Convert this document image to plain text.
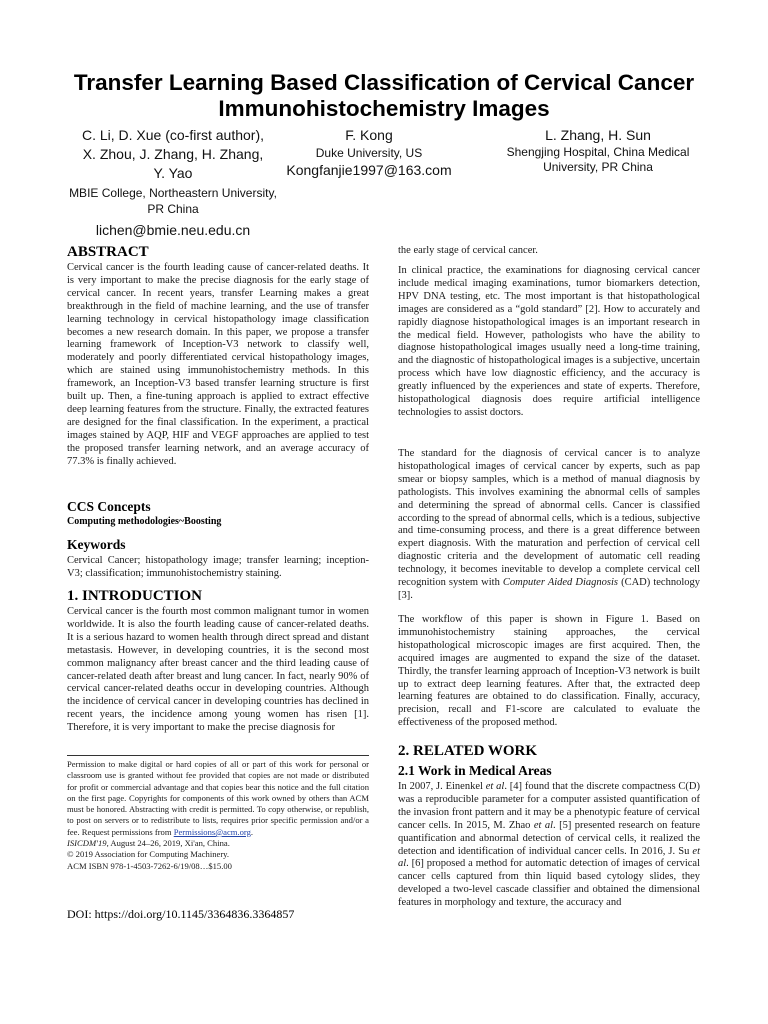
Transfer Learning Based Classification of Cervical Cancer Immunohistochemistry Images
C. Li, D. Xue (co-first author),
X. Zhou, J. Zhang, H. Zhang,
Y. Yao
MBIE College, Northeastern University,
PR China
lichen@bmie.neu.edu.cn
F. Kong
Duke University, US
Kongfanjie1997@163.com
L. Zhang, H. Sun
Shengjing Hospital, China Medical
University, PR China
ABSTRACT

Cervical cancer is the fourth leading cause of cancer-related deaths. It is very important to make the precise diagnosis for the early stage of cervical cancer. In recent years, transfer Learning makes a great breakthrough in the field of machine learning, and the use of transfer learning technology in cervical histopathology image classification becomes a new research domain. In this paper, we propose a transfer learning framework of Inception-V3 network to classify well, moderately and poorly differentiated cervical histopathology images, which are stained using immunohistochemistry methods. In this framework, an Inception-V3 based transfer learning structure is first built up. Then, a fine-tuning approach is applied to extract effective deep learning features from the structure. Finally, the extracted features are designed for the final classification. In the experiment, a practical images stained by AQP, HIF and VEGF approaches are applied to test the proposed transfer learning network, and an average accuracy of 77.3% is finally achieved.

CCS Concepts
Computing methodologies~Boosting
Keywords

Cervical Cancer; histopathology image; transfer learning; inception-V3; classification; immunohistochemistry staining.

1. INTRODUCTION

Cervical cancer is the fourth most common malignant tumor in women worldwide. It is also the fourth leading cause of cancer-related deaths. It is a serious hazard to women health through direct spread and distant metastasis. However, in developing countries, it is the second most common malignancy after breast cancer and the third leading cause of cancer-related death after breast and lung cancer. In fact, nearly 90% of cervical cancer-related deaths occur in developing countries. Although the incidence of cervical cancer in developing countries has declined in recent years, the incidence among young women has risen [1]. Therefore, it is very important to make the precise diagnosis for

Permission to make digital or hard copies of all or part of this work for personal or classroom use is granted without fee provided that copies are not made or distributed for profit or commercial advantage and that copies bear this notice and the full citation on the first page. Copyrights for components of this work owned by others than ACM must be honored. Abstracting with credit is permitted. To copy otherwise, or republish, to post on servers or to redistribute to lists, requires prior specific permission and/or a fee. Request permissions from Permissions@acm.org.
ISICDM'19, August 24–26, 2019, Xi'an, China.
© 2019 Association for Computing Machinery.
ACM ISBN 978-1-4503-7262-6/19/08…$15.00
DOI: https://doi.org/10.1145/3364836.3364857

the early stage of cervical cancer.

In clinical practice, the examinations for diagnosing cervical cancer include medical imaging examinations, tumor biomarkers detection, HPV DNA testing, etc. The most important is that histopathological images are considered as a “gold standard” [2]. How to accurately and rapidly diagnose histopathological images is an important research in the medical field. However, pathologists who have the ability to diagnose histopathological images usually need a long-time training, and the diagnostic of histopathological images is a subjective, uncertain process which have low diagnostic efficiency, and the accuracy is greatly influenced by the experiences and state of experts. Therefore, histopathological diagnosis does require artificial intelligence technologies to assist doctors.

The standard for the diagnosis of cervical cancer is to analyze histopathological images of cervical cancer by experts, such as pap smear or biopsy samples, which is a method of manual diagnosis by pathologists. This involves examining the abnormal cells of samples and determining the spread of abnormal cells. Cancer is classified according to the spread of abnormal cells, which is a tedious, subjective and time-consuming process, and there is a great difference between expert diagnosis. With the maturation and perfection of cervical cell diagnostic criteria and the development of automatic cell reading technology, it becomes inevitable to develop a complete cervical cell recognition system with Computer Aided Diagnosis (CAD) technology [3].

The workflow of this paper is shown in Figure 1. Based on immunohistochemistry staining approaches, the cervical histopathological microscopic images are first acquired. Then, the acquired images are augmented to expand the size of the dataset. Thirdly, the transfer learning approach of Inception-V3 network is built up to extract deep learning features. After that, the extracted deep learning features are obtained to do classification. Finally, accuracy, precision, recall and F1-score are calculated to evaluate the effectiveness of the proposed method.

2. RELATED WORK
2.1 Work in Medical Areas

In 2007, J. Einenkel et al. [4] found that the discrete compactness C(D) was a reproducible parameter for a computer assisted quantification of the invasion front pattern and it may be a phenotypic feature of cervical cancer cells. In 2015, M. Zhao et al. [5] presented research on feature quantification and abnormal detection of cervical cells, it realized the detection and identification of individual cancer cells. In 2016, J. Su et al. [6] proposed a method for automatic detection of images of cervical cancer cells captured from thin liquid based cytology slides, they developed a two-level cascade classifier and obtained the dimensional features in morphology and texture, the accuracy and
